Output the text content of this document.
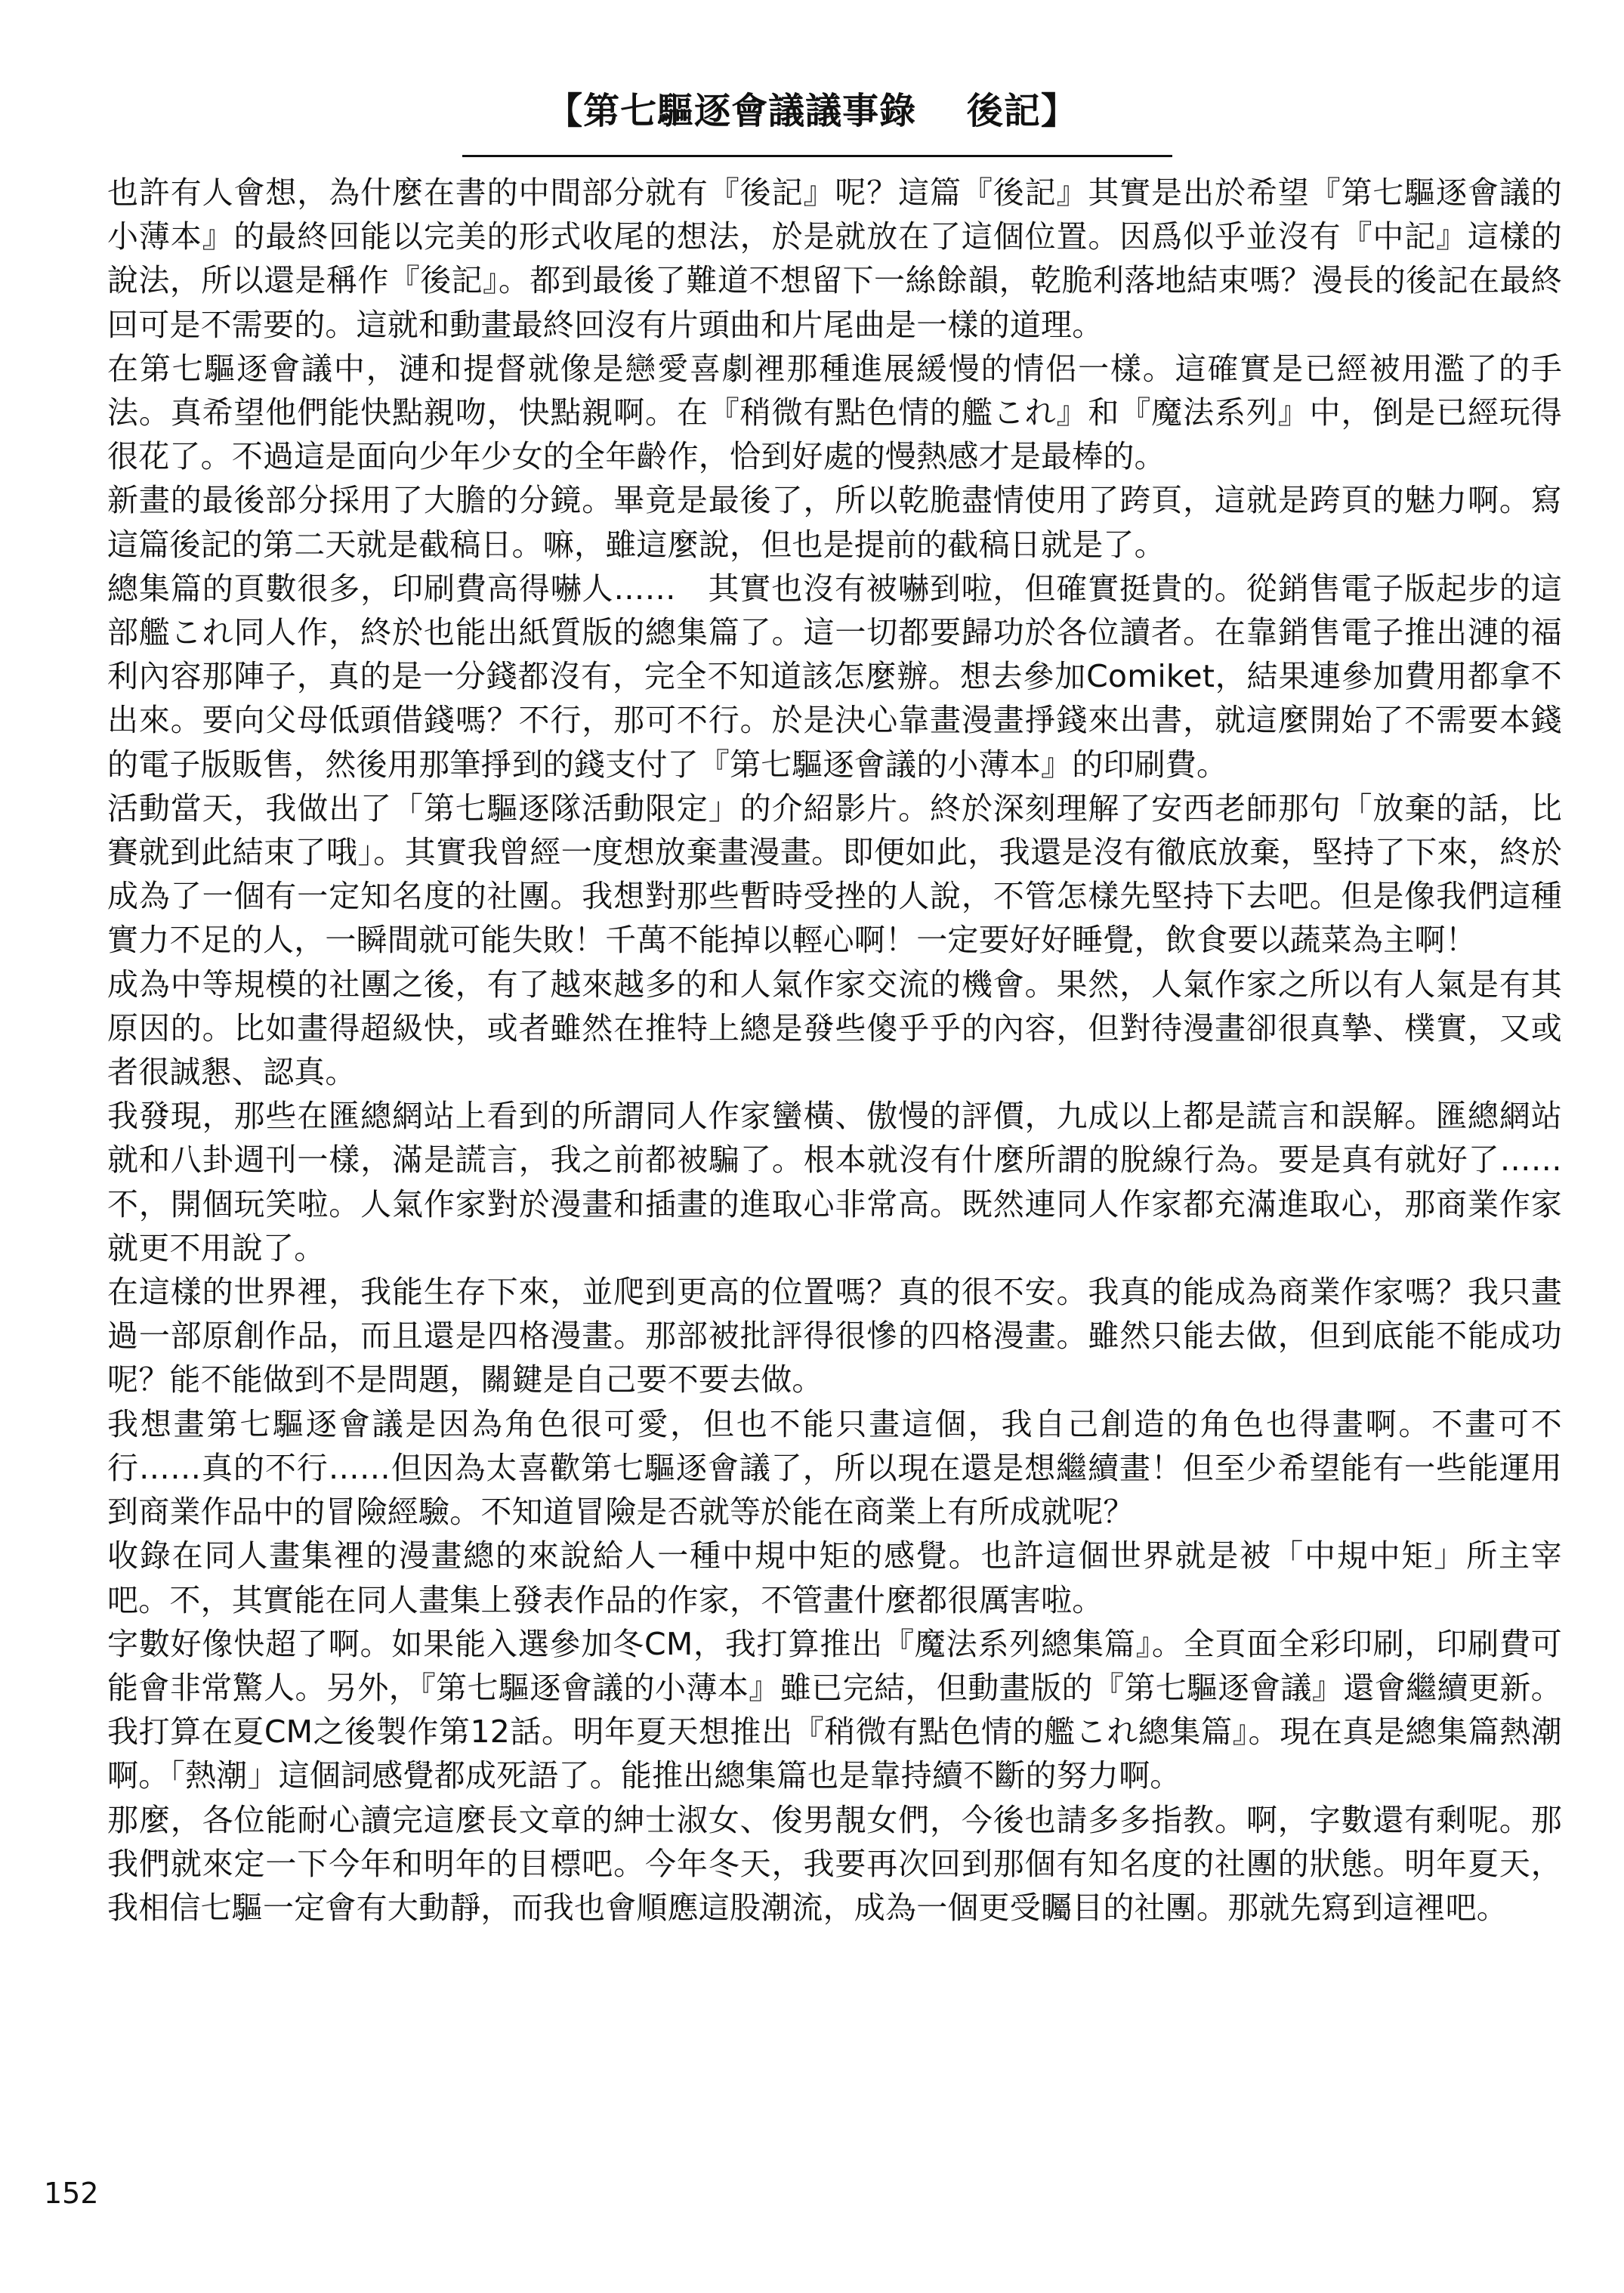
【第七驅逐會議議事錄　 後記】

也許有人會想，為什麼在書的中間部分就有『後記』呢？這篇『後記』其實是出於希望『第七驅逐會議的小薄本』的最終回能以完美的形式收尾的想法，於是就放在了這個位置。因爲似乎並沒有『中記』這樣的說法，所以還是稱作『後記』。都到最後了難道不想留下一絲餘韻，乾脆利落地結束嗎？漫長的後記在最終回可是不需要的。這就和動畫最終回沒有片頭曲和片尾曲是一樣的道理。

在第七驅逐會議中，漣和提督就像是戀愛喜劇裡那種進展緩慢的情侶一樣。這確實是已經被用濫了的手法。真希望他們能快點親吻，快點親啊。在『稍微有點色情的艦これ』和『魔法系列』中，倒是已經玩得很花了。不過這是面向少年少女的全年齡作，恰到好處的慢熱感才是最棒的。

新畫的最後部分採用了大膽的分鏡。畢竟是最後了，所以乾脆盡情使用了跨頁，這就是跨頁的魅力啊。寫這篇後記的第二天就是截稿日。嘛，雖這麼說，但也是提前的截稿日就是了。

總集篇的頁數很多，印刷費高得嚇人……　其實也沒有被嚇到啦，但確實挺貴的。從銷售電子版起步的這部艦これ同人作，終於也能出紙質版的總集篇了。這一切都要歸功於各位讀者。在靠銷售電子推出漣的福利內容那陣子，真的是一分錢都沒有，完全不知道該怎麼辦。想去參加Comiket，結果連參加費用都拿不出來。要向父母低頭借錢嗎？不行，那可不行。於是決心靠畫漫畫掙錢來出書，就這麼開始了不需要本錢的電子版販售，然後用那筆掙到的錢支付了『第七驅逐會議的小薄本』的印刷費。

活動當天，我做出了「第七驅逐隊活動限定」的介紹影片。終於深刻理解了安西老師那句「放棄的話，比賽就到此結束了哦」。其實我曾經一度想放棄畫漫畫。即便如此，我還是沒有徹底放棄，堅持了下來，終於成為了一個有一定知名度的社團。我想對那些暫時受挫的人說，不管怎樣先堅持下去吧。但是像我們這種實力不足的人，一瞬間就可能失敗！千萬不能掉以輕心啊！一定要好好睡覺，飲食要以蔬菜為主啊！

成為中等規模的社團之後，有了越來越多的和人氣作家交流的機會。果然，人氣作家之所以有人氣是有其原因的。比如畫得超級快，或者雖然在推特上總是發些傻乎乎的內容，但對待漫畫卻很真摯、樸實，又或者很誠懇、認真。

我發現，那些在匯總網站上看到的所謂同人作家蠻橫、傲慢的評價，九成以上都是謊言和誤解。匯總網站就和八卦週刊一樣，滿是謊言，我之前都被騙了。根本就沒有什麼所謂的脫線行為。要是真有就好了……不，開個玩笑啦。人氣作家對於漫畫和插畫的進取心非常高。既然連同人作家都充滿進取心，那商業作家就更不用說了。

在這樣的世界裡，我能生存下來，並爬到更高的位置嗎？真的很不安。我真的能成為商業作家嗎？我只畫過一部原創作品，而且還是四格漫畫。那部被批評得很慘的四格漫畫。雖然只能去做，但到底能不能成功呢？能不能做到不是問題，關鍵是自己要不要去做。

我想畫第七驅逐會議是因為角色很可愛，但也不能只畫這個，我自己創造的角色也得畫啊。不畫可不行……真的不行……但因為太喜歡第七驅逐會議了，所以現在還是想繼續畫！但至少希望能有一些能運用到商業作品中的冒險經驗。不知道冒險是否就等於能在商業上有所成就呢？

收錄在同人畫集裡的漫畫總的來說給人一種中規中矩的感覺。也許這個世界就是被「中規中矩」所主宰吧。不，其實能在同人畫集上發表作品的作家，不管畫什麼都很厲害啦。

字數好像快超了啊。如果能入選參加冬CM，我打算推出『魔法系列總集篇』。全頁面全彩印刷，印刷費可能會非常驚人。另外，『第七驅逐會議的小薄本』雖已完結，但動畫版的『第七驅逐會議』還會繼續更新。我打算在夏CM之後製作第12話。明年夏天想推出『稍微有點色情的艦これ總集篇』。現在真是總集篇熱潮啊。「熱潮」這個詞感覺都成死語了。能推出總集篇也是靠持續不斷的努力啊。

那麼，各位能耐心讀完這麼長文章的紳士淑女、俊男靚女們，今後也請多多指教。啊，字數還有剩呢。那我們就來定一下今年和明年的目標吧。今年冬天，我要再次回到那個有知名度的社團的狀態。明年夏天，我相信七驅一定會有大動靜，而我也會順應這股潮流，成為一個更受矚目的社團。那就先寫到這裡吧。

152
